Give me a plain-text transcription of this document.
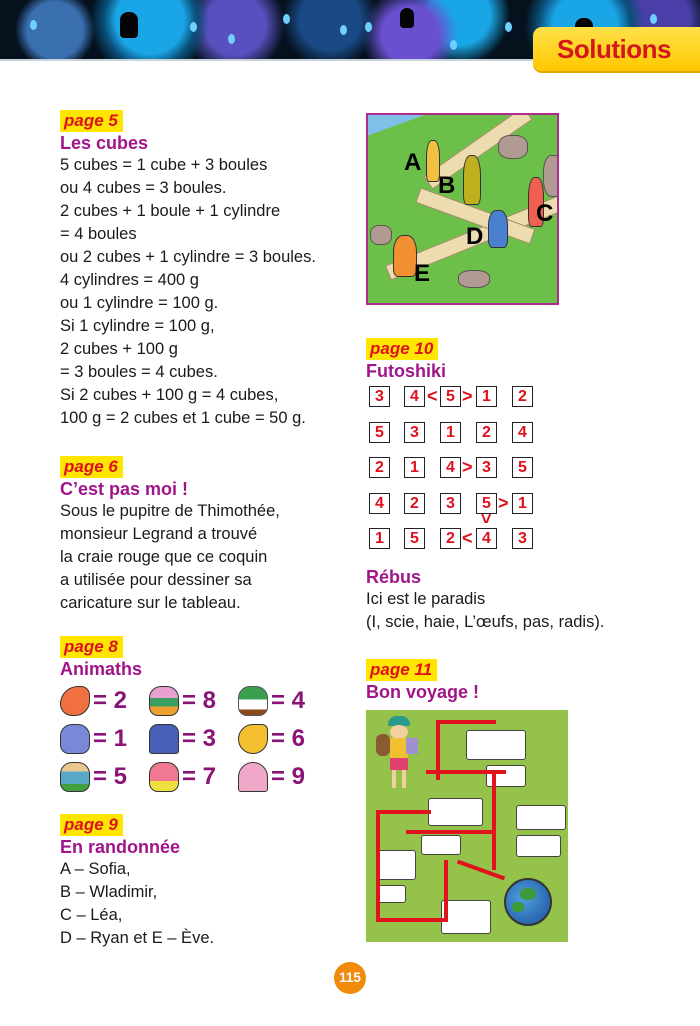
Solutions
page 5
Les cubes
5 cubes = 1 cube + 3 boules
ou 4 cubes = 3 boules.
2 cubes + 1 boule + 1 cylindre
= 4 boules
ou 2 cubes + 1 cylindre = 3 boules.
4 cylindres = 400 g
ou 1 cylindre = 100 g.
Si 1 cylindre = 100 g,
2 cubes + 100 g
= 3 boules = 4 cubes.
Si 2 cubes + 100 g = 4 cubes,
100 g = 2 cubes et 1 cube = 50 g.
page 6
C’est pas moi !
Sous le pupitre de Thimothée,
monsieur Legrand a trouvé
la craie rouge que ce coquin
a utilisée pour dessiner sa
caricature sur le tableau.
page 8
Animaths
= 2	= 8	= 4
= 1	= 3	= 6
= 5	= 7	= 9
page 9
En randonnée
A – Sofia,
B – Wladimir,
C – Léa,
D – Ryan et E – Ève.
A
B
C
D
E
page 10
Futoshiki
3	4 < 5 > 1	2
5	3	1	2	4
2	1	4 > 3	5
4	2	3	5 > 1
>
1	5	2 < 4	3
Rébus
Ici est le paradis
(I, scie, haie, L’œufs, pas, radis).
page 11
Bon voyage !
115
